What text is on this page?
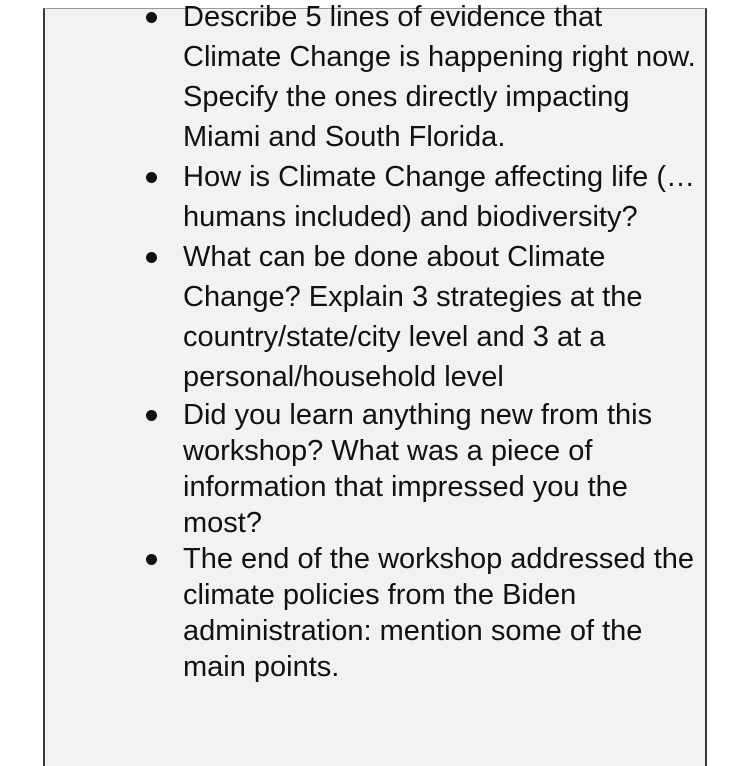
Describe 5 lines of evidence that Climate Change is happening right now. Specify the ones directly impacting Miami and South Florida.
How is Climate Change affecting life (…humans included) and biodiversity?
What can be done about Climate Change? Explain 3 strategies at the country/state/city level and 3 at a personal/household level
Did you learn anything new from this workshop? What was a piece of information that impressed you the most?
The end of the workshop addressed the climate policies from the Biden administration: mention some of the main points.
